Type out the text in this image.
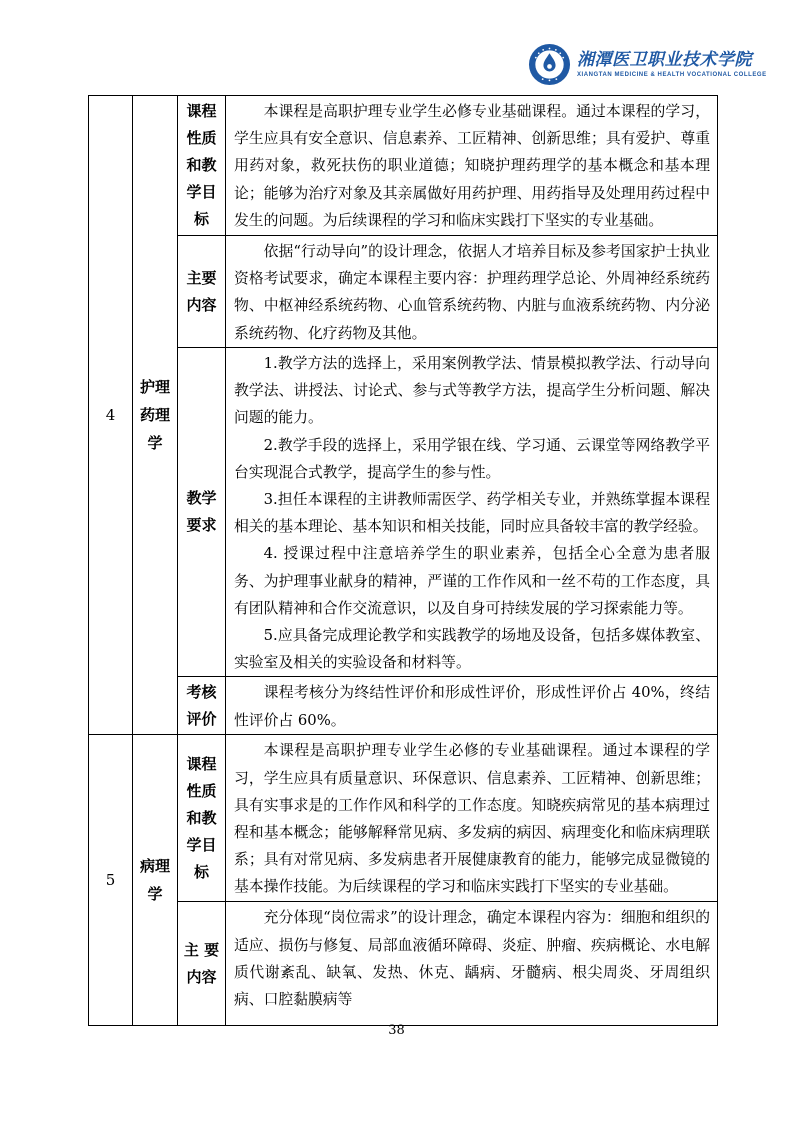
湘潭医卫职业技术学院
XIANGTAN MEDICINE & HEALTH VOCATIONAL COLLEGE
4	护理药理学	课程性质和教学目标	本课程是高职护理专业学生必修专业基础课程。通过本课程的学习，学生应具有安全意识、信息素养、工匠精神、创新思维；具有爱护、尊重用药对象，救死扶伤的职业道德；知晓护理药理学的基本概念和基本理论；能够为治疗对象及其亲属做好用药护理、用药指导及处理用药过程中发生的问题。为后续课程的学习和临床实践打下坚实的专业基础。

		主要内容	依据“行动导向”的设计理念，依据人才培养目标及参考国家护士执业资格考试要求，确定本课程主要内容：护理药理学总论、外周神经系统药物、中枢神经系统药物、心血管系统药物、内脏与血液系统药物、内分泌系统药物、化疗药物及其他。

		教学要求	1.教学方法的选择上，采用案例教学法、情景模拟教学法、行动导向教学法、讲授法、讨论式、参与式等教学方法，提高学生分析问题、解决问题的能力。

2.教学手段的选择上，采用学银在线、学习通、云课堂等网络教学平台实现混合式教学，提高学生的参与性。

3.担任本课程的主讲教师需医学、药学相关专业，并熟练掌握本课程相关的基本理论、基本知识和相关技能，同时应具备较丰富的教学经验。

4. 授课过程中注意培养学生的职业素养，包括全心全意为患者服务、为护理事业献身的精神，严谨的工作作风和一丝不苟的工作态度，具有团队精神和合作交流意识，以及自身可持续发展的学习探索能力等。

5.应具备完成理论教学和实践教学的场地及设备，包括多媒体教室、实验室及相关的实验设备和材料等。

		考核评价	课程考核分为终结性评价和形成性评价，形成性评价占 40%，终结性评价占 60%。

5	病理学	课程性质和教学目标	本课程是高职护理专业学生必修的专业基础课程。通过本课程的学习，学生应具有质量意识、环保意识、信息素养、工匠精神、创新思维；具有实事求是的工作作风和科学的工作态度。知晓疾病常见的基本病理过程和基本概念；能够解释常见病、多发病的病因、病理变化和临床病理联系；具有对常见病、多发病患者开展健康教育的能力，能够完成显微镜的基本操作技能。为后续课程的学习和临床实践打下坚实的专业基础。

		主 要内容	充分体现“岗位需求”的设计理念，确定本课程内容为：细胞和组织的适应、损伤与修复、局部血液循环障碍、炎症、肿瘤、疾病概论、水电解质代谢紊乱、缺氧、发热、休克、龋病、牙髓病、根尖周炎、牙周组织病、口腔黏膜病等

38
